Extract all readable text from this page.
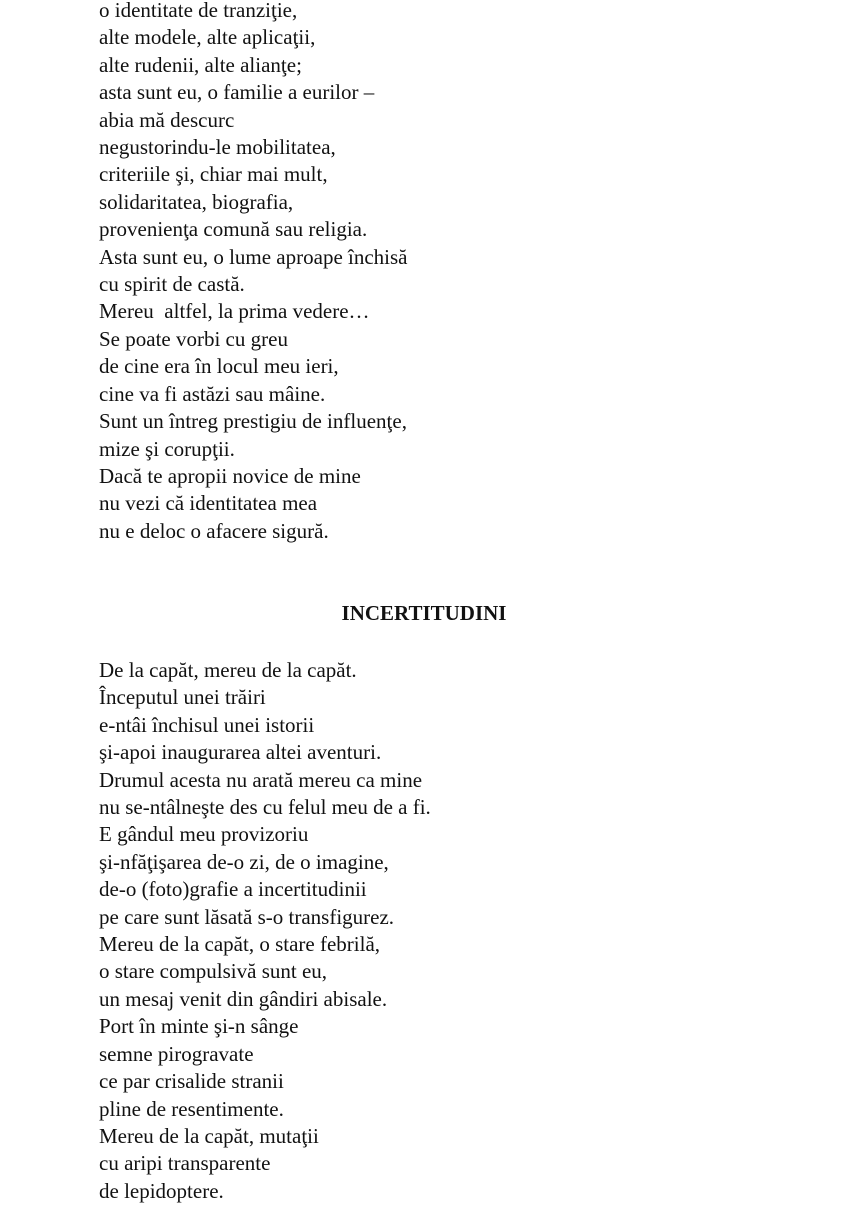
o identitate de tranziţie,
alte modele, alte aplicaţii,
alte rudenii, alte alianţe;
asta sunt eu, o familie a eurilor –
abia mă descurc
negustorindu-le mobilitatea,
criteriile şi, chiar mai mult,
solidaritatea, biografia,
provenienţa comună sau religia.
Asta sunt eu, o lume aproape închisă
cu spirit de castă.
Mereu  altfel, la prima vedere…
Se poate vorbi cu greu
de cine era în locul meu ieri,
cine va fi astăzi sau mâine.
Sunt un întreg prestigiu de influenţe,
mize şi corupţii.
Dacă te apropii novice de mine
nu vezi că identitatea mea
nu e deloc o afacere sigură.
INCERTITUDINI
De la capăt, mereu de la capăt.
Începutul unei trăiri
e-ntâi închisul unei istorii
şi-apoi inaugurarea altei aventuri.
Drumul acesta nu arată mereu ca mine
nu se-ntâlneşte des cu felul meu de a fi.
E gândul meu provizoriu
şi-nfăţişarea de-o zi, de o imagine,
de-o (foto)grafie a incertitudinii
pe care sunt lăsată s-o transfigurez.
Mereu de la capăt, o stare febrilă,
o stare compulsivă sunt eu,
un mesaj venit din gândiri abisale.
Port în minte şi-n sânge
semne pirogravate
ce par crisalide stranii
pline de resentimente.
Mereu de la capăt, mutaţii
cu aripi transparente
de lepidoptere.
